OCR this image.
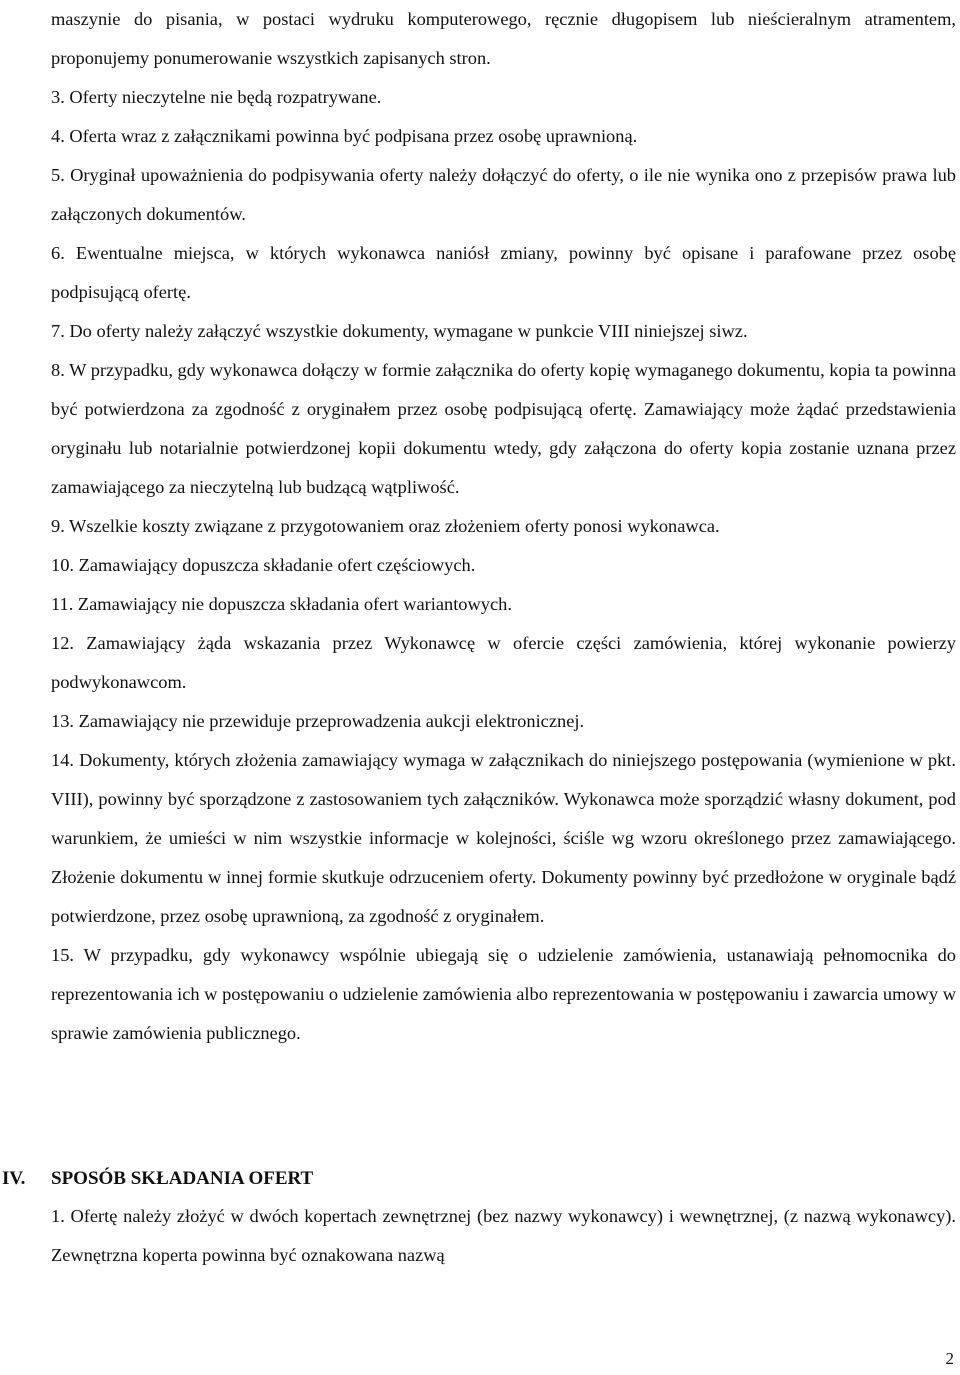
maszynie do pisania, w postaci wydruku komputerowego, ręcznie długopisem lub nieścieralnym atramentem, proponujemy ponumerowanie wszystkich zapisanych stron.

3. Oferty nieczytelne nie będą rozpatrywane.

4. Oferta wraz z załącznikami powinna być podpisana przez osobę uprawnioną.

5. Oryginał upoważnienia do podpisywania oferty należy dołączyć do oferty, o ile nie wynika ono z przepisów prawa lub załączonych dokumentów.

6. Ewentualne miejsca, w których wykonawca naniósł zmiany, powinny być opisane i parafowane przez osobę podpisującą ofertę.

7. Do oferty należy załączyć wszystkie dokumenty, wymagane w punkcie VIII niniejszej siwz.

8. W przypadku, gdy wykonawca dołączy w formie załącznika do oferty kopię wymaganego dokumentu, kopia ta powinna być potwierdzona za zgodność z oryginałem przez osobę podpisującą ofertę. Zamawiający może żądać przedstawienia oryginału lub notarialnie potwierdzonej kopii dokumentu wtedy, gdy załączona do oferty kopia zostanie uznana przez zamawiającego za nieczytelną lub budzącą wątpliwość.

9. Wszelkie koszty związane z przygotowaniem oraz złożeniem oferty ponosi wykonawca.

10. Zamawiający dopuszcza składanie ofert częściowych.

11. Zamawiający nie dopuszcza składania ofert wariantowych.

12. Zamawiający żąda wskazania przez Wykonawcę w ofercie części zamówienia, której wykonanie powierzy podwykonawcom.

13. Zamawiający nie przewiduje przeprowadzenia aukcji elektronicznej.

14. Dokumenty, których złożenia zamawiający wymaga w załącznikach do niniejszego postępowania (wymienione w pkt. VIII), powinny być sporządzone z zastosowaniem tych załączników. Wykonawca może sporządzić własny dokument, pod warunkiem, że umieści w nim wszystkie informacje w kolejności, ściśle wg wzoru określonego przez zamawiającego. Złożenie dokumentu w innej formie skutkuje odrzuceniem oferty. Dokumenty powinny być przedłożone w oryginale bądź potwierdzone, przez osobę uprawnioną, za zgodność z oryginałem.

15. W przypadku, gdy wykonawcy wspólnie ubiegają się o udzielenie zamówienia, ustanawiają pełnomocnika do reprezentowania ich w postępowaniu o udzielenie zamówienia albo reprezentowania w postępowaniu i zawarcia umowy w sprawie zamówienia publicznego.

IV. SPOSÓB SKŁADANIA OFERT

1. Ofertę należy złożyć w dwóch kopertach zewnętrznej (bez nazwy wykonawcy) i wewnętrznej, (z nazwą wykonawcy). Zewnętrzna koperta powinna być oznakowana nazwą

2
